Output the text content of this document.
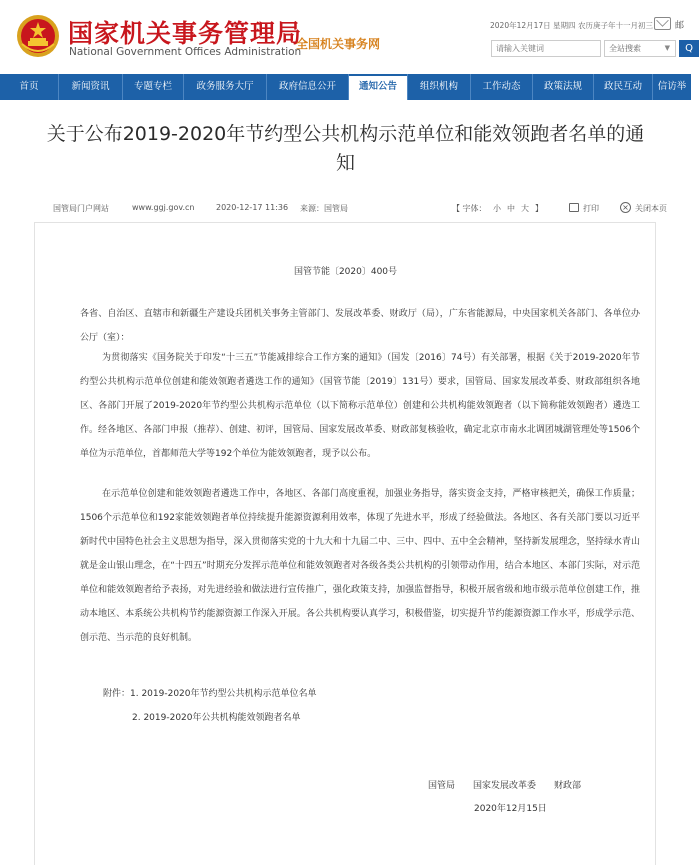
国家机关事务管理局
National Government Offices Administration
全国机关事务网
2020年12月17日 星期四 农历庚子年十一月初三 邮
请输入关键词
全站搜索	▼	Q
首页	新闻资讯	专题专栏	政务服务大厅	政府信息公开	通知公告	组织机构	工作动态	政策法规	政民互动	信访举
关于公布2019-2020年节约型公共机构示范单位和能效领跑者名单的通知
国管局门户网站	www.ggj.gov.cn	2020-12-17 11:36 来源：国管局	【 字体： 小 中 大 】	打印	× 关闭本页
国管节能〔2020〕400号
各省、自治区、直辖市和新疆生产建设兵团机关事务主管部门、发展改革委、财政厅（局），广东省能源局，中央国家机关各部门、各单位办公厅（室）：
为贯彻落实《国务院关于印发“十三五”节能减排综合工作方案的通知》（国发〔2016〕74号）有关部署，根据《关于2019-2020年节约型公共机构示范单位创建和能效领跑者遴选工作的通知》（国管节能〔2019〕131号）要求，国管局、国家发展改革委、财政部组织各地区、各部门开展了2019-2020年节约型公共机构示范单位（以下简称示范单位）创建和公共机构能效领跑者（以下简称能效领跑者）遴选工作。经各地区、各部门申报（推荐）、创建、初评，国管局、国家发展改革委、财政部复核验收，确定北京市南水北调团城湖管理处等1506个单位为示范单位，首都师范大学等192个单位为能效领跑者，现予以公布。
在示范单位创建和能效领跑者遴选工作中，各地区、各部门高度重视，加强业务指导，落实资金支持，严格审核把关，确保工作质量；1506个示范单位和192家能效领跑者单位持续提升能源资源利用效率，体现了先进水平，形成了经验做法。各地区、各有关部门要以习近平新时代中国特色社会主义思想为指导，深入贯彻落实党的十九大和十九届二中、三中、四中、五中全会精神，坚持新发展理念，坚持绿水青山就是金山银山理念，在“十四五”时期充分发挥示范单位和能效领跑者对各级各类公共机构的引领带动作用，结合本地区、本部门实际，对示范单位和能效领跑者给予表扬，对先进经验和做法进行宣传推广，强化政策支持，加强监督指导，积极开展省级和地市级示范单位创建工作，推动本地区、本系统公共机构节约能源资源工作深入开展。各公共机构要认真学习，积极借鉴，切实提升节约能源资源工作水平，形成学示范、创示范、当示范的良好机制。
附件：1. 2019-2020年节约型公共机构示范单位名单
2. 2019-2020年公共机构能效领跑者名单
国管局　　国家发展改革委　　财政部
2020年12月15日
